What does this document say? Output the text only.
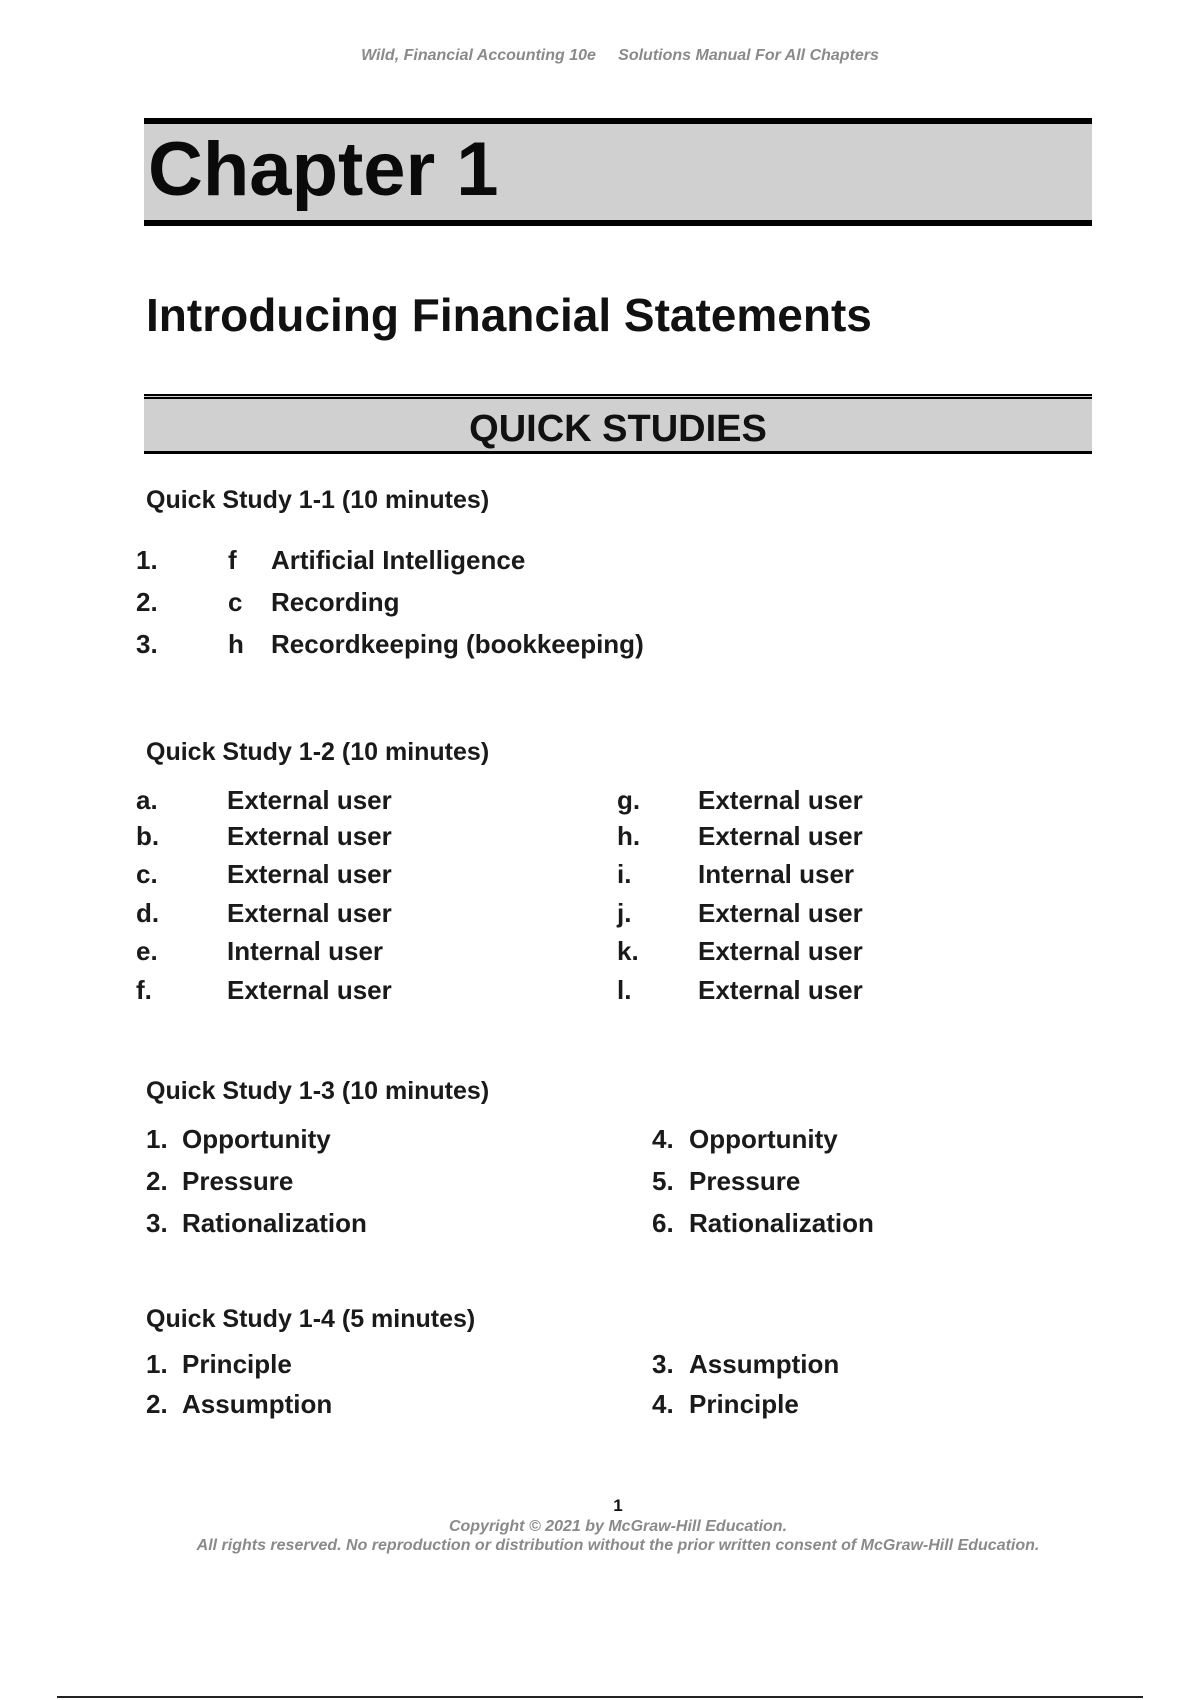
Wild, Financial Accounting 10e     Solutions Manual For All Chapters
Chapter 1
Introducing Financial Statements
QUICK STUDIES
Quick Study 1-1 (10 minutes)
1.	f Artificial Intelligence
2.	c Recording
3.	h Recordkeeping (bookkeeping)
Quick Study 1-2 (10 minutes)
a.	External user
b.	External user
c.	External user
d.	External user
e.	Internal user
f.	External user
g. External user
h. External user
i.	Internal user
j.	External user
k. External user
l.	External user
Quick Study 1-3 (10 minutes)
1. Opportunity
2. Pressure
3. Rationalization
4. Opportunity
5. Pressure
6. Rationalization
Quick Study 1-4 (5 minutes)
1. Principle
2. Assumption
3. Assumption
4. Principle
1
Copyright © 2021 by McGraw-Hill Education.
All rights reserved. No reproduction or distribution without the prior written consent of McGraw-Hill Education.
